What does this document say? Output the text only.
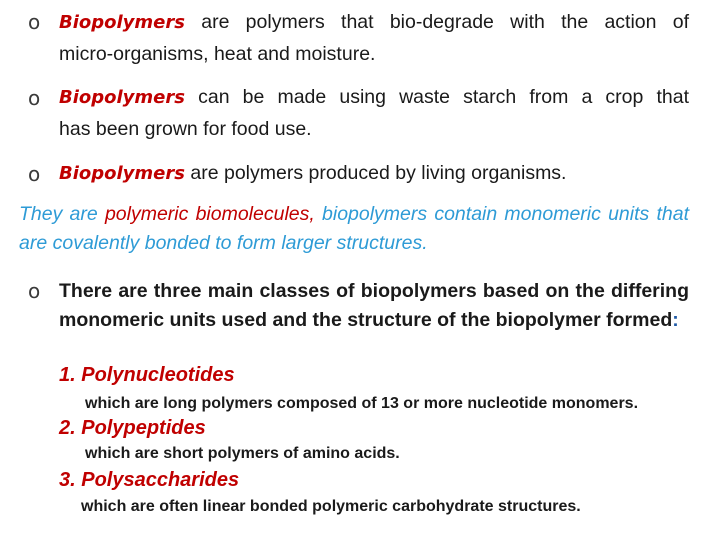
o Biopolymers are polymers that bio-degrade with the action of
micro-organisms, heat and moisture.
o Biopolymers can be made using waste starch from a crop that
has been grown for food use.
o Biopolymers are polymers produced by living organisms.
They are polymeric biomolecules, biopolymers contain monomeric units that are covalently bonded to form larger structures.
o There are three main classes of biopolymers based on the differing monomeric units used and the structure of the biopolymer formed:
1. Polynucleotides
which are long polymers composed of 13 or more nucleotide monomers.
2. Polypeptides
which are short polymers of amino acids.
3. Polysaccharides
which are often linear bonded polymeric carbohydrate structures.
